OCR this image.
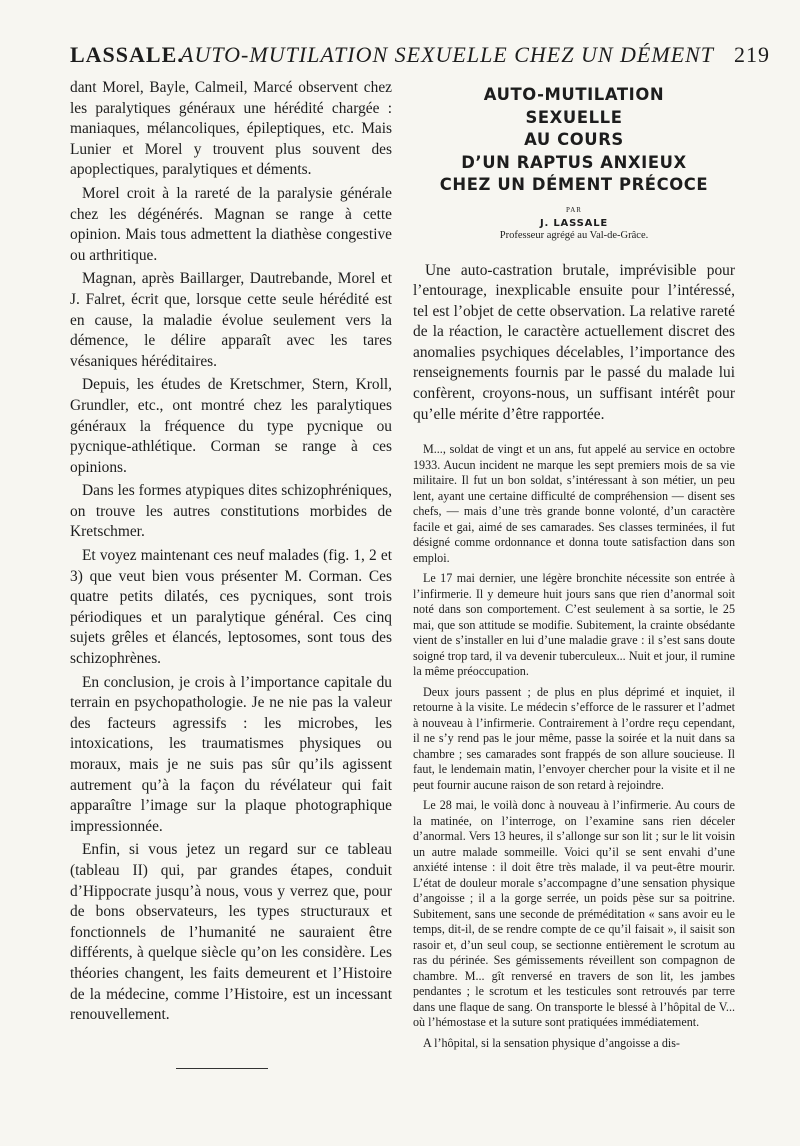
LASSALE.
AUTO-MUTILATION SEXUELLE CHEZ UN DÉMENT 219

dant Morel, Bayle, Calmeil, Marcé observent chez les paralytiques généraux une hérédité chargée : maniaques, mélancoliques, épileptiques, etc. Mais Lunier et Morel y trouvent plus souvent des apoplectiques, paralytiques et déments.

Morel croit à la rareté de la paralysie générale chez les dégénérés. Magnan se range à cette opinion. Mais tous admettent la diathèse congestive ou arthritique.

Magnan, après Baillarger, Dautrebande, Morel et J. Falret, écrit que, lorsque cette seule hérédité est en cause, la maladie évolue seulement vers la démence, le délire apparaît avec les tares vésaniques héréditaires.

Depuis, les études de Kretschmer, Stern, Kroll, Grundler, etc., ont montré chez les paralytiques généraux la fréquence du type pycnique ou pycnique-athlétique. Corman se range à ces opinions.

Dans les formes atypiques dites schizophréniques, on trouve les autres constitutions morbides de Kretschmer.

Et voyez maintenant ces neuf malades (fig. 1, 2 et 3) que veut bien vous présenter M. Corman. Ces quatre petits dilatés, ces pycniques, sont trois périodiques et un paralytique général. Ces cinq sujets grêles et élancés, leptosomes, sont tous des schizophrènes.

En conclusion, je crois à l’importance capitale du terrain en psychopathologie. Je ne nie pas la valeur des facteurs agressifs : les microbes, les intoxications, les traumatismes physiques ou moraux, mais je ne suis pas sûr qu’ils agissent autrement qu’à la façon du révélateur qui fait apparaître l’image sur la plaque photographique impressionnée.

Enfin, si vous jetez un regard sur ce tableau (tableau II) qui, par grandes étapes, conduit d’Hippocrate jusqu’à nous, vous y verrez que, pour de bons observateurs, les types structuraux et fonctionnels de l’humanité ne sauraient être différents, à quelque siècle qu’on les considère. Les théories changent, les faits demeurent et l’Histoire de la médecine, comme l’Histoire, est un incessant renouvellement.

AUTO-MUTILATION
SEXUELLE
AU COURS
D’UN RAPTUS ANXIEUX
CHEZ UN DÉMENT PRÉCOCE
PAR
J. LASSALE
Professeur agrégé au Val-de-Grâce.
Une auto-castration brutale, imprévisible pour l’entourage, inexplicable ensuite pour l’intéressé, tel est l’objet de cette observation. La relative rareté de la réaction, le caractère actuellement discret des anomalies psychiques décelables, l’importance des renseignements fournis par le passé du malade lui confèrent, croyons-nous, un suffisant intérêt pour qu’elle mérite d’être rapportée.

M..., soldat de vingt et un ans, fut appelé au service en octobre 1933. Aucun incident ne marque les sept premiers mois de sa vie militaire. Il fut un bon soldat, s’intéressant à son métier, un peu lent, ayant une certaine difficulté de compréhension — disent ses chefs, — mais d’une très grande bonne volonté, d’un caractère facile et gai, aimé de ses camarades. Ses classes terminées, il fut désigné comme ordonnance et donna toute satisfaction dans son emploi.

Le 17 mai dernier, une légère bronchite nécessite son entrée à l’infirmerie. Il y demeure huit jours sans que rien d’anormal soit noté dans son comportement. C’est seulement à sa sortie, le 25 mai, que son attitude se modifie. Subitement, la crainte obsédante vient de s’installer en lui d’une maladie grave : il s’est sans doute soigné trop tard, il va devenir tuberculeux... Nuit et jour, il rumine la même préoccupation.

Deux jours passent ; de plus en plus déprimé et inquiet, il retourne à la visite. Le médecin s’efforce de le rassurer et l’admet à nouveau à l’infirmerie. Contrairement à l’ordre reçu cependant, il ne s’y rend pas le jour même, passe la soirée et la nuit dans sa chambre ; ses camarades sont frappés de son allure soucieuse. Il faut, le lendemain matin, l’envoyer chercher pour la visite et il ne peut fournir aucune raison de son retard à rejoindre.

Le 28 mai, le voilà donc à nouveau à l’infirmerie. Au cours de la matinée, on l’interroge, on l’examine sans rien déceler d’anormal. Vers 13 heures, il s’allonge sur son lit ; sur le lit voisin un autre malade sommeille. Voici qu’il se sent envahi d’une anxiété intense : il doit être très malade, il va peut-être mourir. L’état de douleur morale s’accompagne d’une sensation physique d’angoisse ; il a la gorge serrée, un poids pèse sur sa poitrine. Subitement, sans une seconde de préméditation « sans avoir eu le temps, dit-il, de se rendre compte de ce qu’il faisait », il saisit son rasoir et, d’un seul coup, se sectionne entièrement le scrotum au ras du périnée. Ses gémissements réveillent son compagnon de chambre. M... gît renversé en travers de son lit, les jambes pendantes ; le scrotum et les testicules sont retrouvés par terre dans une flaque de sang. On transporte le blessé à l’hôpital de V... où l’hémostase et la suture sont pratiquées immédiatement.

A l’hôpital, si la sensation physique d’angoisse a dis-
